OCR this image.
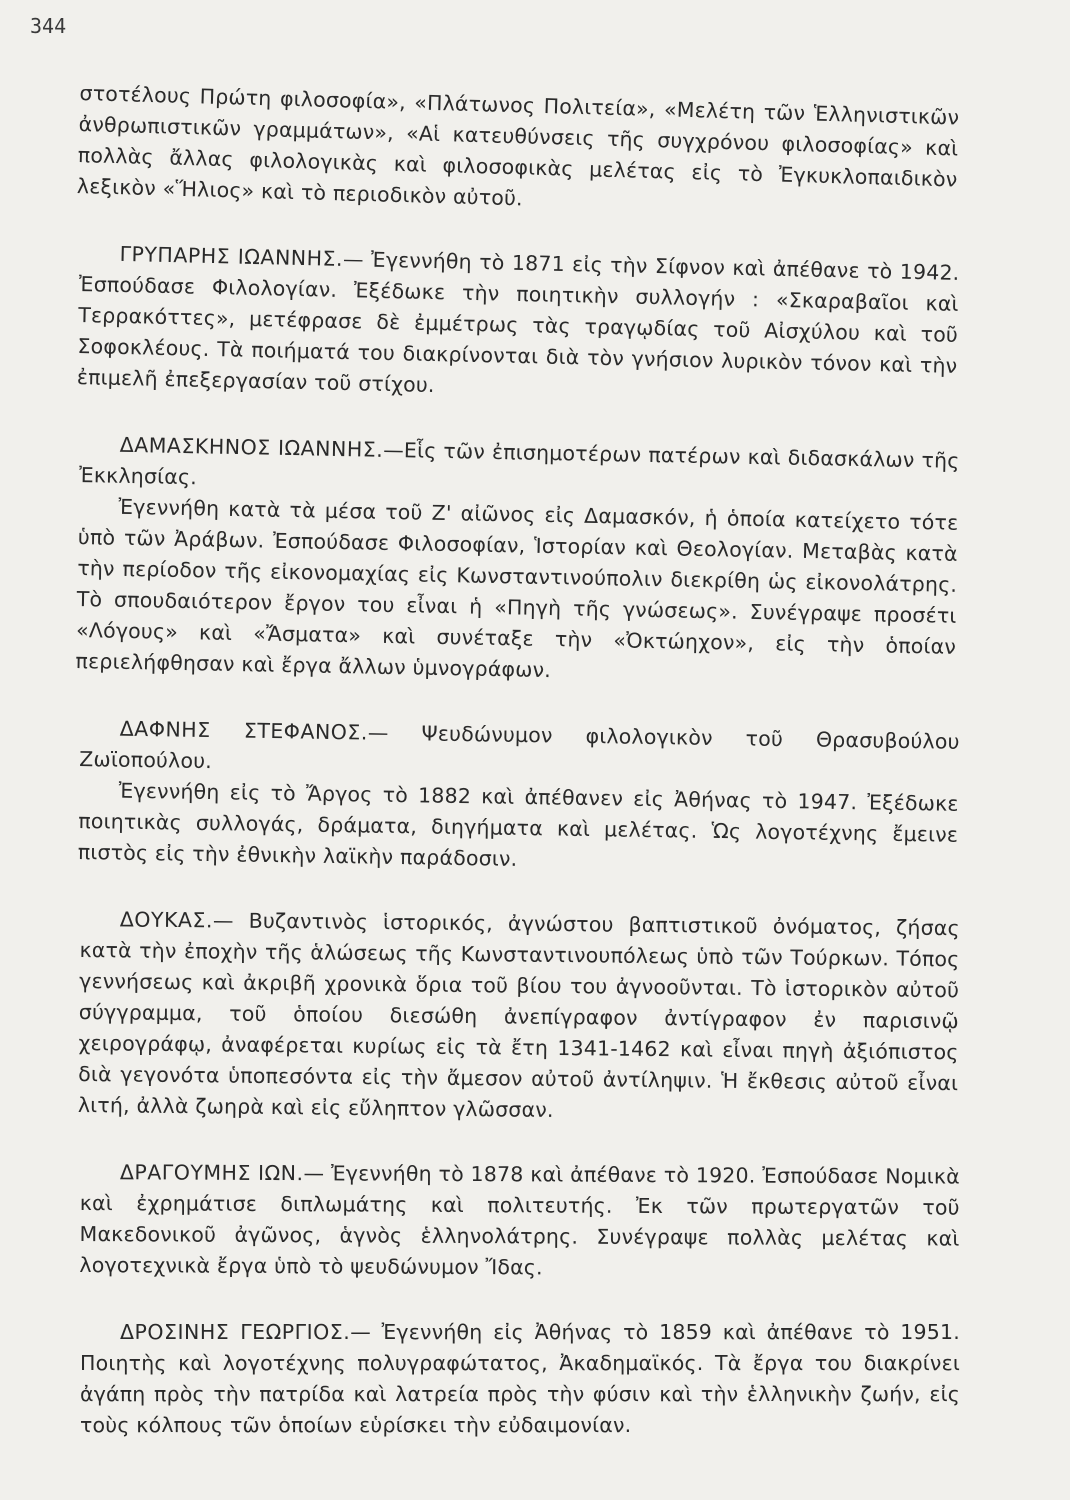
344

στοτέλους Πρώτη φιλοσοφία», «Πλάτωνος Πολιτεία», «Μελέτη τῶν Ἑλληνιστικῶν ἀνθρωπιστικῶν γραμμάτων», «Αἱ κατευθύνσεις τῆς συγχρόνου φιλοσοφίας» καὶ πολλὰς ἄλλας φιλολογικὰς καὶ φιλοσοφικὰς μελέτας εἰς τὸ Ἐγκυκλοπαιδικὸν λεξικὸν «Ἥλιος» καὶ τὸ περιοδικὸν αὐτοῦ.

ΓΡΥΠΑΡΗΣ ΙΩΑΝΝΗΣ.— Ἐγεννήθη τὸ 1871 εἰς τὴν Σίφνον καὶ ἀπέθανε τὸ 1942. Ἐσπούδασε Φιλολογίαν. Ἐξέδωκε τὴν ποιητικὴν συλλογήν : «Σκαραβαῖοι καὶ Τερρακόττες», μετέφρασε δὲ ἐμμέτρως τὰς τραγῳδίας τοῦ Αἰσχύλου καὶ τοῦ Σοφοκλέους. Τὰ ποιήματά του διακρίνονται διὰ τὸν γνήσιον λυρικὸν τόνον καὶ τὴν ἐπιμελῆ ἐπεξεργασίαν τοῦ στίχου.

ΔΑΜΑΣΚΗΝΟΣ ΙΩΑΝΝΗΣ.—Εἷς τῶν ἐπισημοτέρων πατέρων καὶ διδασκάλων τῆς Ἐκκλησίας.

Ἐγεννήθη κατὰ τὰ μέσα τοῦ Ζ' αἰῶνος εἰς Δαμασκόν, ἡ ὁποία κατείχετο τότε ὑπὸ τῶν Ἀράβων. Ἐσπούδασε Φιλοσοφίαν, Ἱστορίαν καὶ Θεολογίαν. Μεταβὰς κατὰ τὴν περίοδον τῆς εἰκονομαχίας εἰς Κωνσταντινούπολιν διεκρίθη ὡς εἰκονολάτρης. Τὸ σπουδαιότερον ἔργον του εἶναι ἡ «Πηγὴ τῆς γνώσεως». Συνέγραψε προσέτι «Λόγους» καὶ «Ἄσματα» καὶ συνέταξε τὴν «Ὀκτώηχον», εἰς τὴν ὁποίαν περιελήφθησαν καὶ ἔργα ἄλλων ὑμνογράφων.

ΔΑΦΝΗΣ ΣΤΕΦΑΝΟΣ.— Ψευδώνυμον φιλολογικὸν τοῦ Θρασυβούλου Ζωϊοπούλου.

Ἐγεννήθη εἰς τὸ Ἄργος τὸ 1882 καὶ ἀπέθανεν εἰς Ἀθήνας τὸ 1947. Ἐξέδωκε ποιητικὰς συλλογάς, δράματα, διηγήματα καὶ μελέτας. Ὡς λογοτέχνης ἔμεινε πιστὸς εἰς τὴν ἐθνικὴν λαϊκὴν παράδοσιν.

ΔΟΥΚΑΣ.— Βυζαντινὸς ἱστορικός, ἀγνώστου βαπτιστικοῦ ὀνόματος, ζήσας κατὰ τὴν ἐποχὴν τῆς ἁλώσεως τῆς Κωνσταντινουπόλεως ὑπὸ τῶν Τούρκων. Τόπος γεννήσεως καὶ ἀκριβῆ χρονικὰ ὅρια τοῦ βίου του ἀγνοοῦνται. Τὸ ἱστορικὸν αὐτοῦ σύγγραμμα, τοῦ ὁποίου διεσώθη ἀνεπίγραφον ἀντίγραφον ἐν παρισινῷ χειρογράφῳ, ἀναφέρεται κυρίως εἰς τὰ ἔτη 1341-1462 καὶ εἶναι πηγὴ ἀξιόπιστος διὰ γεγονότα ὑποπεσόντα εἰς τὴν ἄμεσον αὐτοῦ ἀντίληψιν. Ἡ ἔκθεσις αὐτοῦ εἶναι λιτή, ἀλλὰ ζωηρὰ καὶ εἰς εὔληπτον γλῶσσαν.

ΔΡΑΓΟΥΜΗΣ ΙΩΝ.— Ἐγεννήθη τὸ 1878 καὶ ἀπέθανε τὸ 1920. Ἐσπούδασε Νομικὰ καὶ ἐχρημάτισε διπλωμάτης καὶ πολιτευτής. Ἐκ τῶν πρωτεργατῶν τοῦ Μακεδονικοῦ ἀγῶνος, ἁγνὸς ἑλληνολάτρης. Συνέγραψε πολλὰς μελέτας καὶ λογοτεχνικὰ ἔργα ὑπὸ τὸ ψευδώνυμον Ἴδας.

ΔΡΟΣΙΝΗΣ ΓΕΩΡΓΙΟΣ.— Ἐγεννήθη εἰς Ἀθήνας τὸ 1859 καὶ ἀπέθανε τὸ 1951. Ποιητὴς καὶ λογοτέχνης πολυγραφώτατος, Ἀκαδημαϊκός. Τὰ ἔργα του διακρίνει ἀγάπη πρὸς τὴν πατρίδα καὶ λατρεία πρὸς τὴν φύσιν καὶ τὴν ἑλληνικὴν ζωήν, εἰς τοὺς κόλπους τῶν ὁποίων εὑρίσκει τὴν εὐδαιμονίαν.
